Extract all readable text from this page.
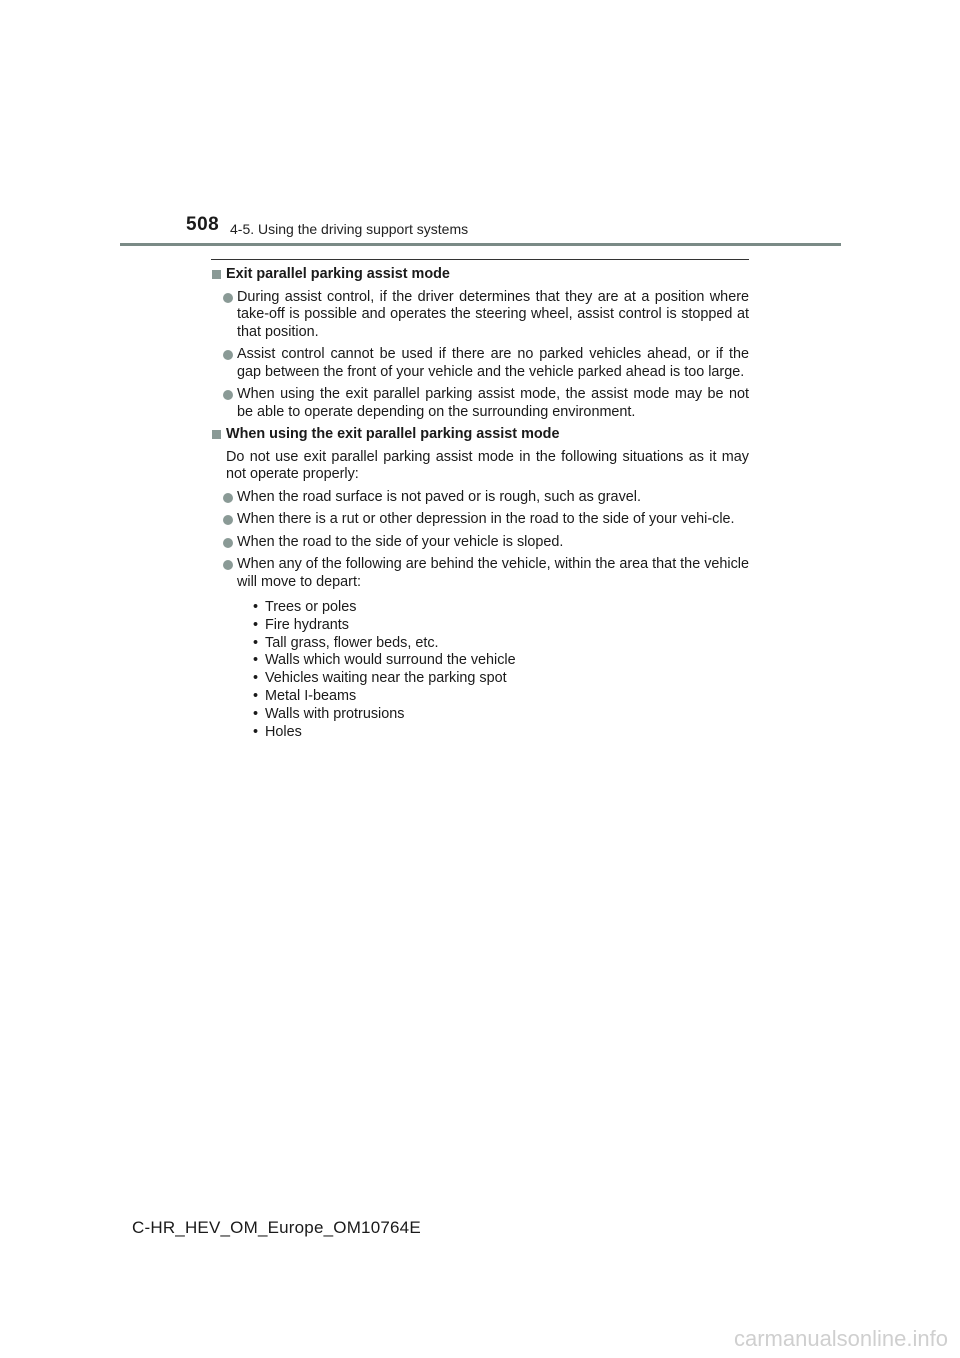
508 4-5. Using the driving support systems
Exit parallel parking assist mode
During assist control, if the driver determines that they are at a position where take-off is possible and operates the steering wheel, assist control is stopped at that position.
Assist control cannot be used if there are no parked vehicles ahead, or if the gap between the front of your vehicle and the vehicle parked ahead is too large.
When using the exit parallel parking assist mode, the assist mode may be not be able to operate depending on the surrounding environment.
When using the exit parallel parking assist mode
Do not use exit parallel parking assist mode in the following situations as it may not operate properly:
When the road surface is not paved or is rough, such as gravel.
When there is a rut or other depression in the road to the side of your vehi-cle.
When the road to the side of your vehicle is sloped.
When any of the following are behind the vehicle, within the area that the vehicle will move to depart:
• Trees or poles
• Fire hydrants
• Tall grass, flower beds, etc.
• Walls which would surround the vehicle
• Vehicles waiting near the parking spot
• Metal I-beams
• Walls with protrusions
• Holes
C-HR_HEV_OM_Europe_OM10764E
carmanualsonline.info
